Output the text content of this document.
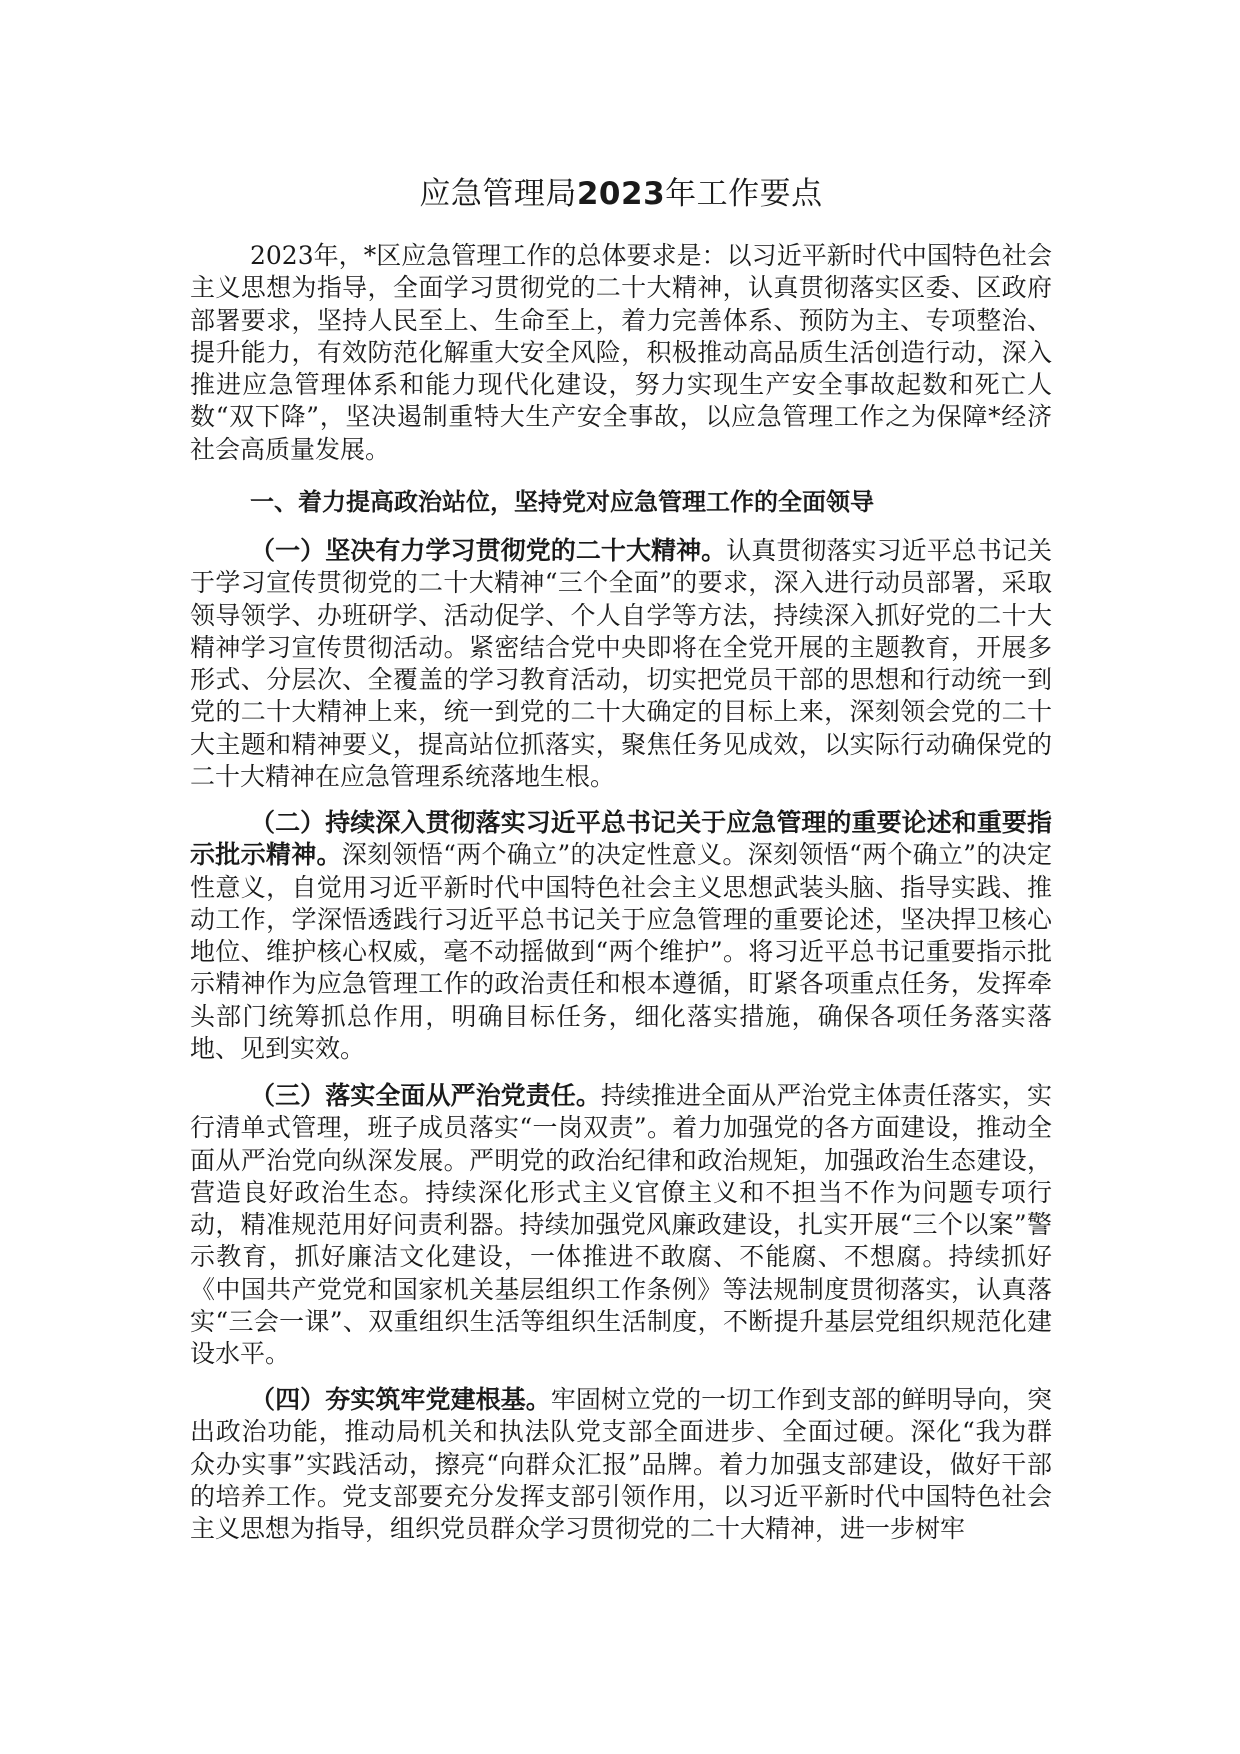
应急管理局2023年工作要点

2023年，*区应急管理工作的总体要求是：以习近平新时代中国特色社会主义思想为指导，全面学习贯彻党的二十大精神，认真贯彻落实区委、区政府部署要求，坚持人民至上、生命至上，着力完善体系、预防为主、专项整治、提升能力，有效防范化解重大安全风险，积极推动高品质生活创造行动，深入推进应急管理体系和能力现代化建设，努力实现生产安全事故起数和死亡人数“双下降”，坚决遏制重特大生产安全事故，以应急管理工作之为保障*经济社会高质量发展。

一、着力提高政治站位，坚持党对应急管理工作的全面领导

（一）坚决有力学习贯彻党的二十大精神。认真贯彻落实习近平总书记关于学习宣传贯彻党的二十大精神“三个全面”的要求，深入进行动员部署，采取领导领学、办班研学、活动促学、个人自学等方法，持续深入抓好党的二十大精神学习宣传贯彻活动。紧密结合党中央即将在全党开展的主题教育，开展多形式、分层次、全覆盖的学习教育活动，切实把党员干部的思想和行动统一到党的二十大精神上来，统一到党的二十大确定的目标上来，深刻领会党的二十大主题和精神要义，提高站位抓落实，聚焦任务见成效，以实际行动确保党的二十大精神在应急管理系统落地生根。

（二）持续深入贯彻落实习近平总书记关于应急管理的重要论述和重要指示批示精神。深刻领悟“两个确立”的决定性意义。深刻领悟“两个确立”的决定性意义，自觉用习近平新时代中国特色社会主义思想武装头脑、指导实践、推动工作，学深悟透践行习近平总书记关于应急管理的重要论述，坚决捍卫核心地位、维护核心权威，毫不动摇做到“两个维护”。将习近平总书记重要指示批示精神作为应急管理工作的政治责任和根本遵循，盯紧各项重点任务，发挥牵头部门统筹抓总作用，明确目标任务，细化落实措施，确保各项任务落实落地、见到实效。

（三）落实全面从严治党责任。持续推进全面从严治党主体责任落实，实行清单式管理，班子成员落实“一岗双责”。着力加强党的各方面建设，推动全面从严治党向纵深发展。严明党的政治纪律和政治规矩，加强政治生态建设，营造良好政治生态。持续深化形式主义官僚主义和不担当不作为问题专项行动，精准规范用好问责利器。持续加强党风廉政建设，扎实开展“三个以案”警示教育，抓好廉洁文化建设，一体推进不敢腐、不能腐、不想腐。持续抓好《中国共产党党和国家机关基层组织工作条例》等法规制度贯彻落实，认真落实“三会一课”、双重组织生活等组织生活制度，不断提升基层党组织规范化建设水平。

（四）夯实筑牢党建根基。牢固树立党的一切工作到支部的鲜明导向，突出政治功能，推动局机关和执法队党支部全面进步、全面过硬。深化“我为群众办实事”实践活动，擦亮“向群众汇报”品牌。着力加强支部建设，做好干部的培养工作。党支部要充分发挥支部引领作用，以习近平新时代中国特色社会主义思想为指导，组织党员群众学习贯彻党的二十大精神，进一步树牢
